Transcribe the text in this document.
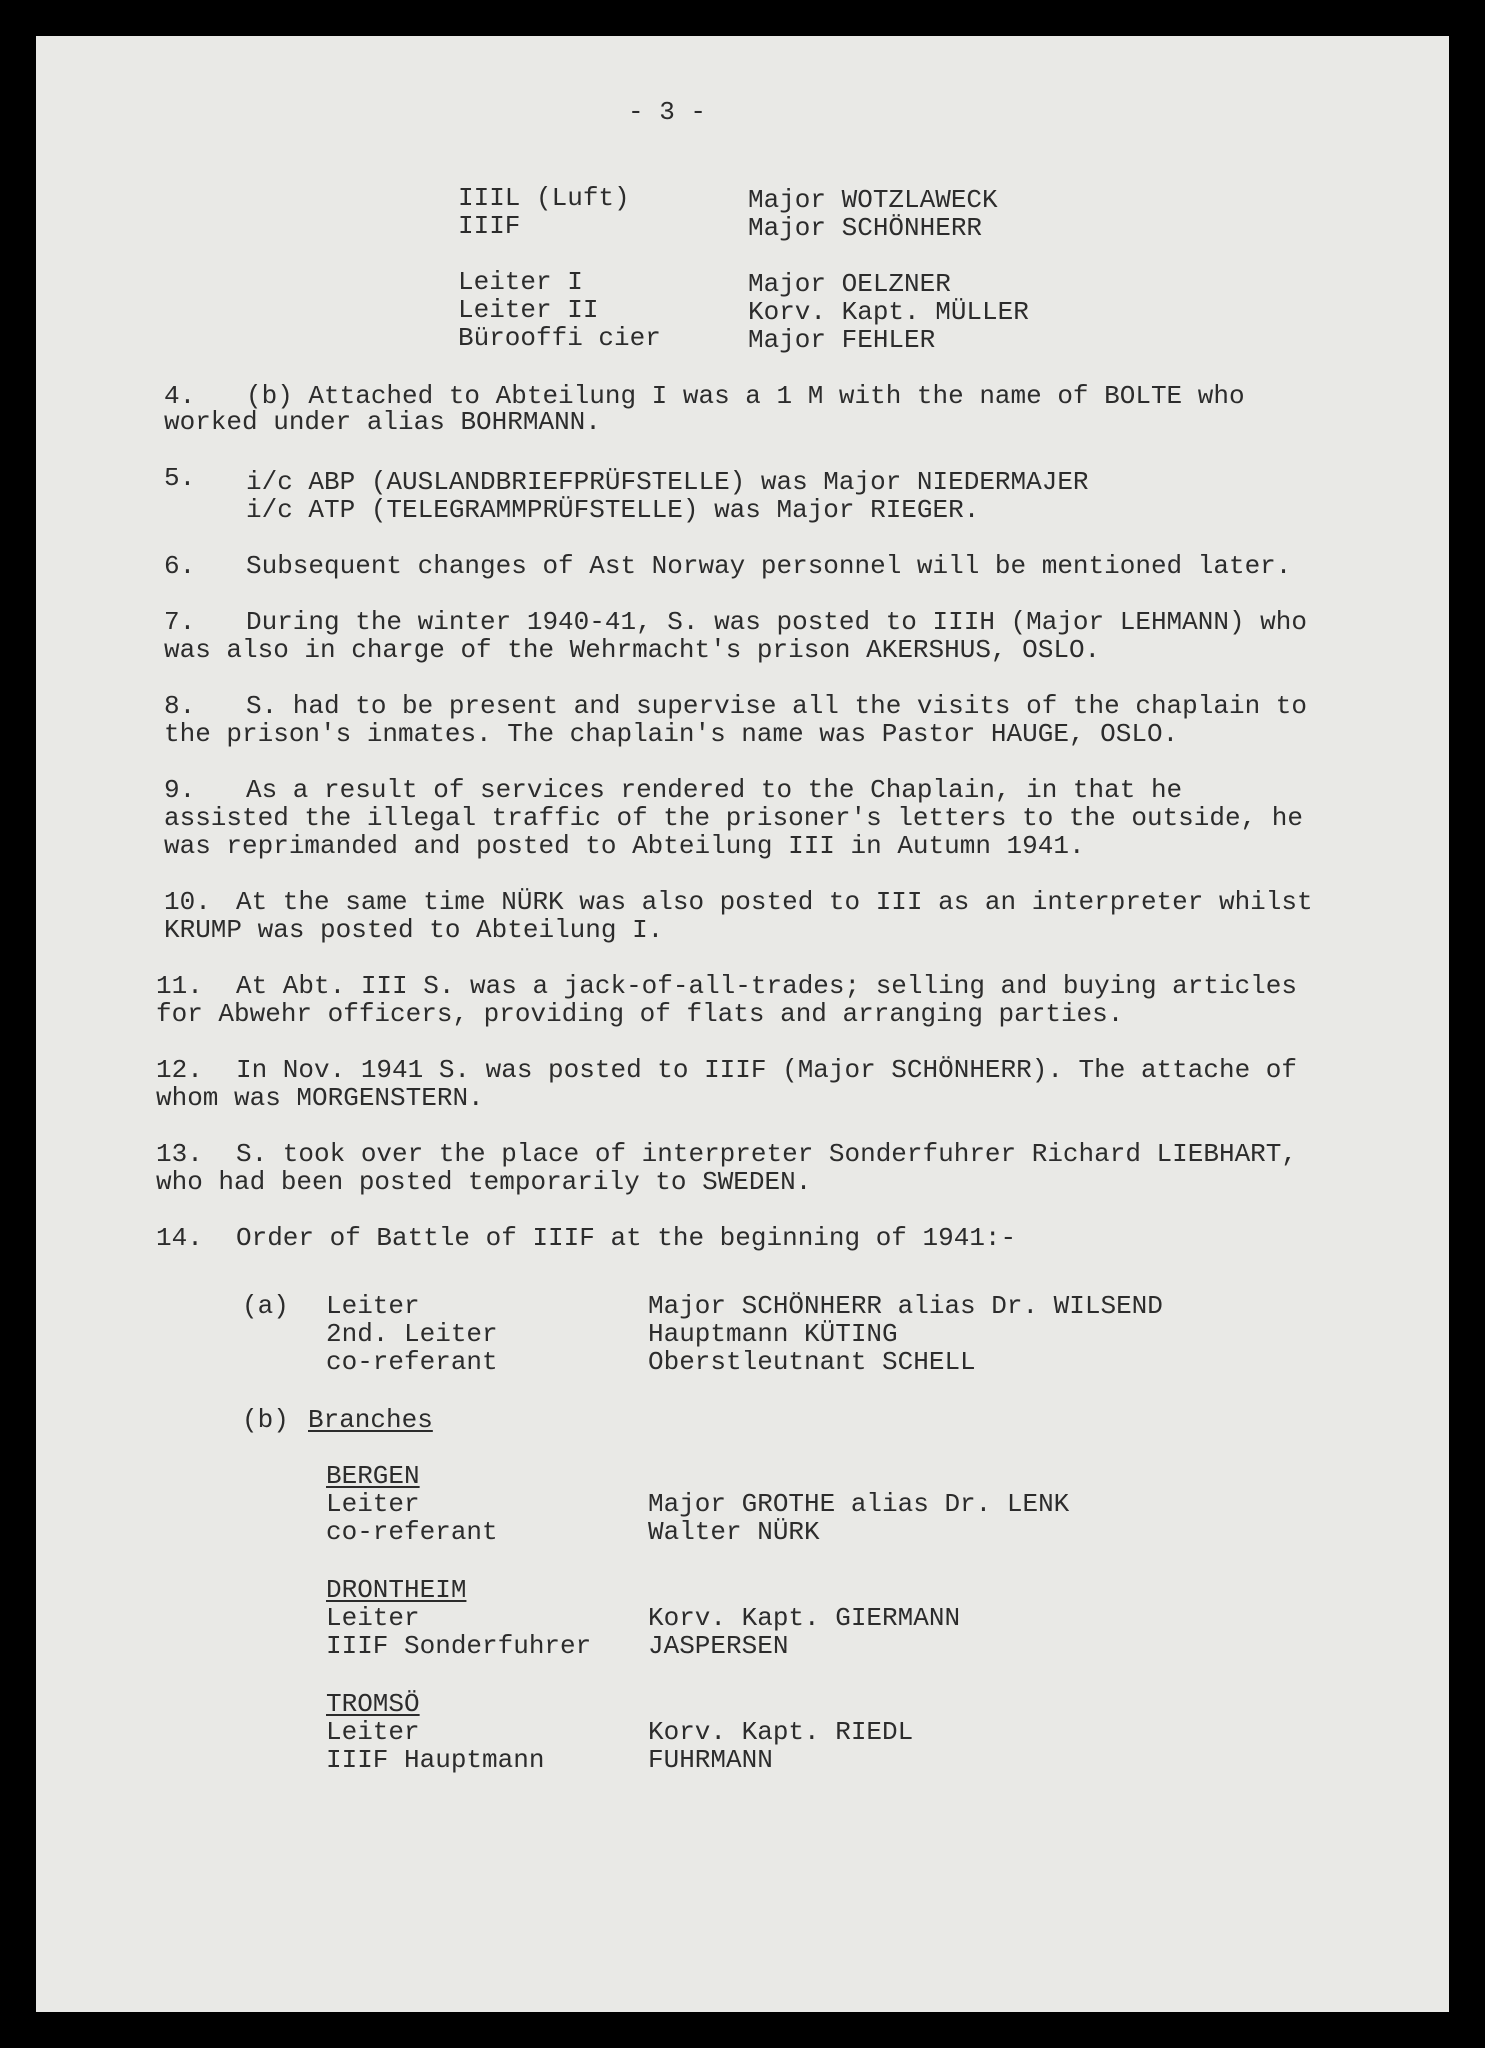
- 3 -
IIIL (Luft)	Major WOTZLAWECK
IIIF	Major SCHÖNHERR
Leiter I	Major OELZNER
Leiter II	Korv. Kapt. MÜLLER
Bürooffi cier	Major FEHLER
4. (b) Attached to Abteilung I was a 1 M with the name of BOLTE who
worked under alias BOHRMANN.
5. i/c ABP (AUSLANDBRIEFPRÜFSTELLE) was Major NIEDERMAJER
i/c ATP (TELEGRAMMPRÜFSTELLE) was Major RIEGER.
6. Subsequent changes of Ast Norway personnel will be mentioned later.
7. During the winter 1940-41, S. was posted to IIIH (Major LEHMANN) who
was also in charge of the Wehrmacht's prison AKERSHUS, OSLO.
8. S. had to be present and supervise all the visits of the chaplain to
the prison's inmates. The chaplain's name was Pastor HAUGE, OSLO.
9. As a result of services rendered to the Chaplain, in that he
assisted the illegal traffic of the prisoner's letters to the outside, he
was reprimanded and posted to Abteilung III in Autumn 1941.
10. At the same time NÜRK was also posted to III as an interpreter whilst
KRUMP was posted to Abteilung I.
11. At Abt. III S. was a jack-of-all-trades; selling and buying articles
for Abwehr officers, providing of flats and arranging parties.
12. In Nov. 1941 S. was posted to IIIF (Major SCHÖNHERR). The attache of
whom was MORGENSTERN.
13. S. took over the place of interpreter Sonderfuhrer Richard LIEBHART,
who had been posted temporarily to SWEDEN.
14. Order of Battle of IIIF at the beginning of 1941:-
(a) Leiter	Major SCHÖNHERR alias Dr. WILSEND
2nd. Leiter	Hauptmann KÜTING
co-referant	Oberstleutnant SCHELL
(b) Branches
BERGEN
Leiter	Major GROTHE alias Dr. LENK
co-referant	Walter NÜRK
DRONTHEIM
Leiter	Korv. Kapt. GIERMANN
IIIF Sonderfuhrer JASPERSEN
TROMSÖ
Leiter	Korv. Kapt. RIEDL
IIIF Hauptmann	FUHRMANN
